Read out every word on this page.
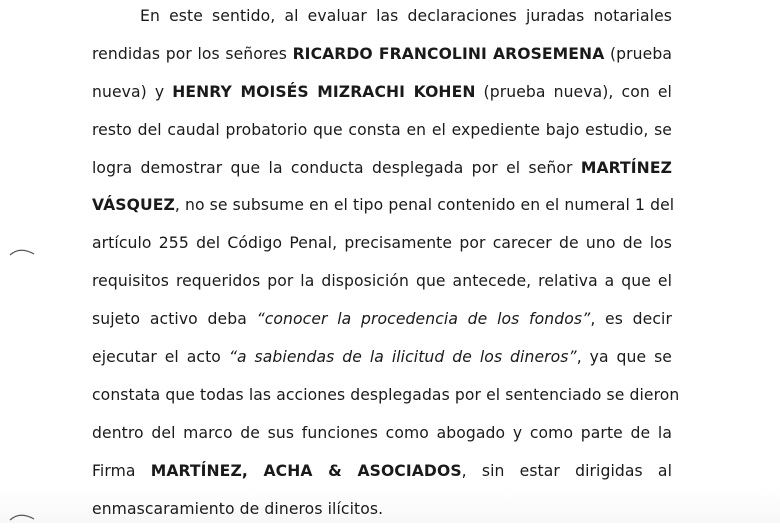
En este sentido, al evaluar las declaraciones juradas notariales
rendidas por los señores RICARDO FRANCOLINI AROSEMENA (prueba
nueva) y HENRY MOISÉS MIZRACHI KOHEN (prueba nueva), con el
resto del caudal probatorio que consta en el expediente bajo estudio, se
logra demostrar que la conducta desplegada por el señor MARTÍNEZ
VÁSQUEZ, no se subsume en el tipo penal contenido en el numeral 1 del
artículo 255 del Código Penal, precisamente por carecer de uno de los
requisitos requeridos por la disposición que antecede, relativa a que el
sujeto activo deba “conocer la procedencia de los fondos”, es decir
ejecutar el acto “a sabiendas de la ilicitud de los dineros”, ya que se
constata que todas las acciones desplegadas por el sentenciado se dieron
dentro del marco de sus funciones como abogado y como parte de la
Firma MARTÍNEZ, ACHA & ASOCIADOS, sin estar dirigidas al
enmascaramiento de dineros ilícitos.
